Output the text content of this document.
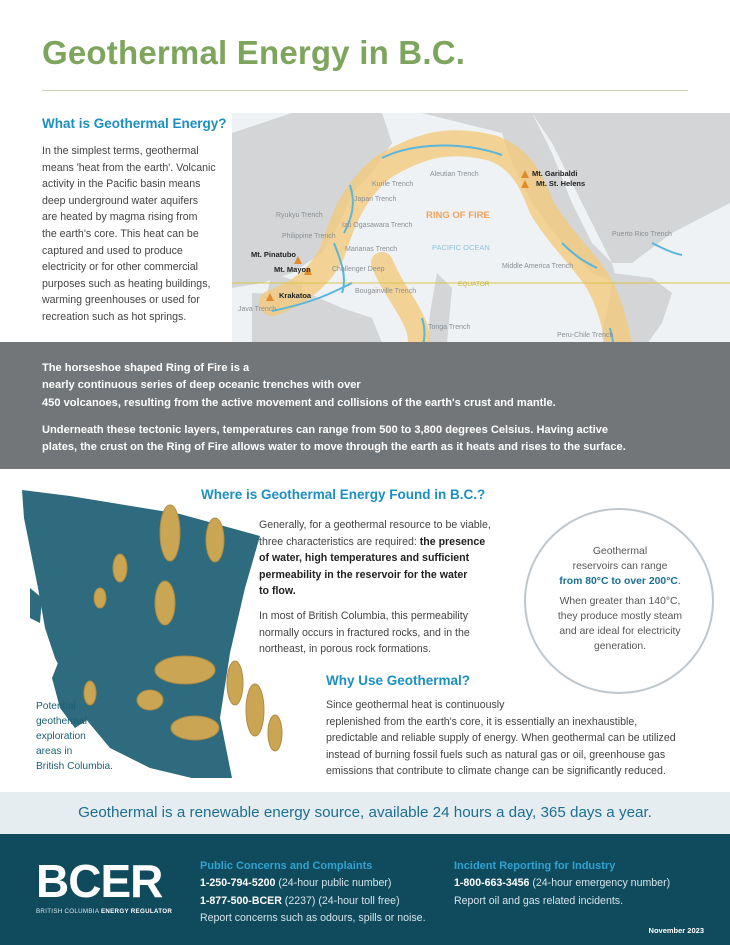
Geothermal Energy in B.C.
What is Geothermal Energy?
In the simplest terms, geothermal
means 'heat from the earth'. Volcanic
activity in the Pacific basin means
deep underground water aquifers
are heated by magma rising from
the earth's core. This heat can be
captured and used to produce
electricity or for other commercial
purposes such as heating buildings,
warming greenhouses or used for
recreation such as hot springs.
Aleutian Trench
Kurile Trench
Japan Trench
Ryukyu Trench
Izu Ogasawara Trench
Philippine Trench
Marianas Trench
Challenger Deep
Bougainville Trench
Java Trench
Tonga Trench
Puerto Rico Trench
Middle America Trench
Peru-Chile Trench
RING OF FIRE
PACIFIC OCEAN
EQUATOR
Mt. Garibaldi
Mt. St. Helens
Mt. Pinatubo
Mt. Mayon
Krakatoa

The horseshoe shaped Ring of Fire is a
nearly continuous series of deep oceanic trenches with over
450 volcanoes, resulting from the active movement and collisions of the earth's crust and mantle.

Underneath these tectonic layers, temperatures can range from 500 to 3,800 degrees Celsius. Having active
plates, the crust on the Ring of Fire allows water to move through the earth as it heats and rises to the surface.

Potential
geothermal
exploration
areas in
British Columbia.
Where is Geothermal Energy Found in B.C.?
Generally, for a geothermal resource to be viable,
three characteristics are required: the presence
of water, high temperatures and sufficient
permeability in the reservoir for the water
to flow.
In most of British Columbia, this permeability
normally occurs in fractured rocks, and in the
northeast, in porous rock formations.
Geothermal
reservoirs can range
from 80°C to over 200°C.
When greater than 140°C,
they produce mostly steam
and are ideal for electricity
generation.
Why Use Geothermal?
Since geothermal heat is continuously
replenished from the earth's core, it is essentially an inexhaustible,
predictable and reliable supply of energy. When geothermal can be utilized
instead of burning fossil fuels such as natural gas or oil, greenhouse gas
emissions that contribute to climate change can be significantly reduced.
Geothermal is a renewable energy source, available 24 hours a day, 365 days a year.
BCER
BRITISH COLUMBIA ENERGY REGULATOR
Public Concerns and Complaints
1-250-794-5200 (24-hour public number)
1-877-500-BCER (2237) (24-hour toll free)
Report concerns such as odours, spills or noise.
Incident Reporting for Industry
1-800-663-3456 (24-hour emergency number)
Report oil and gas related incidents.
November 2023
